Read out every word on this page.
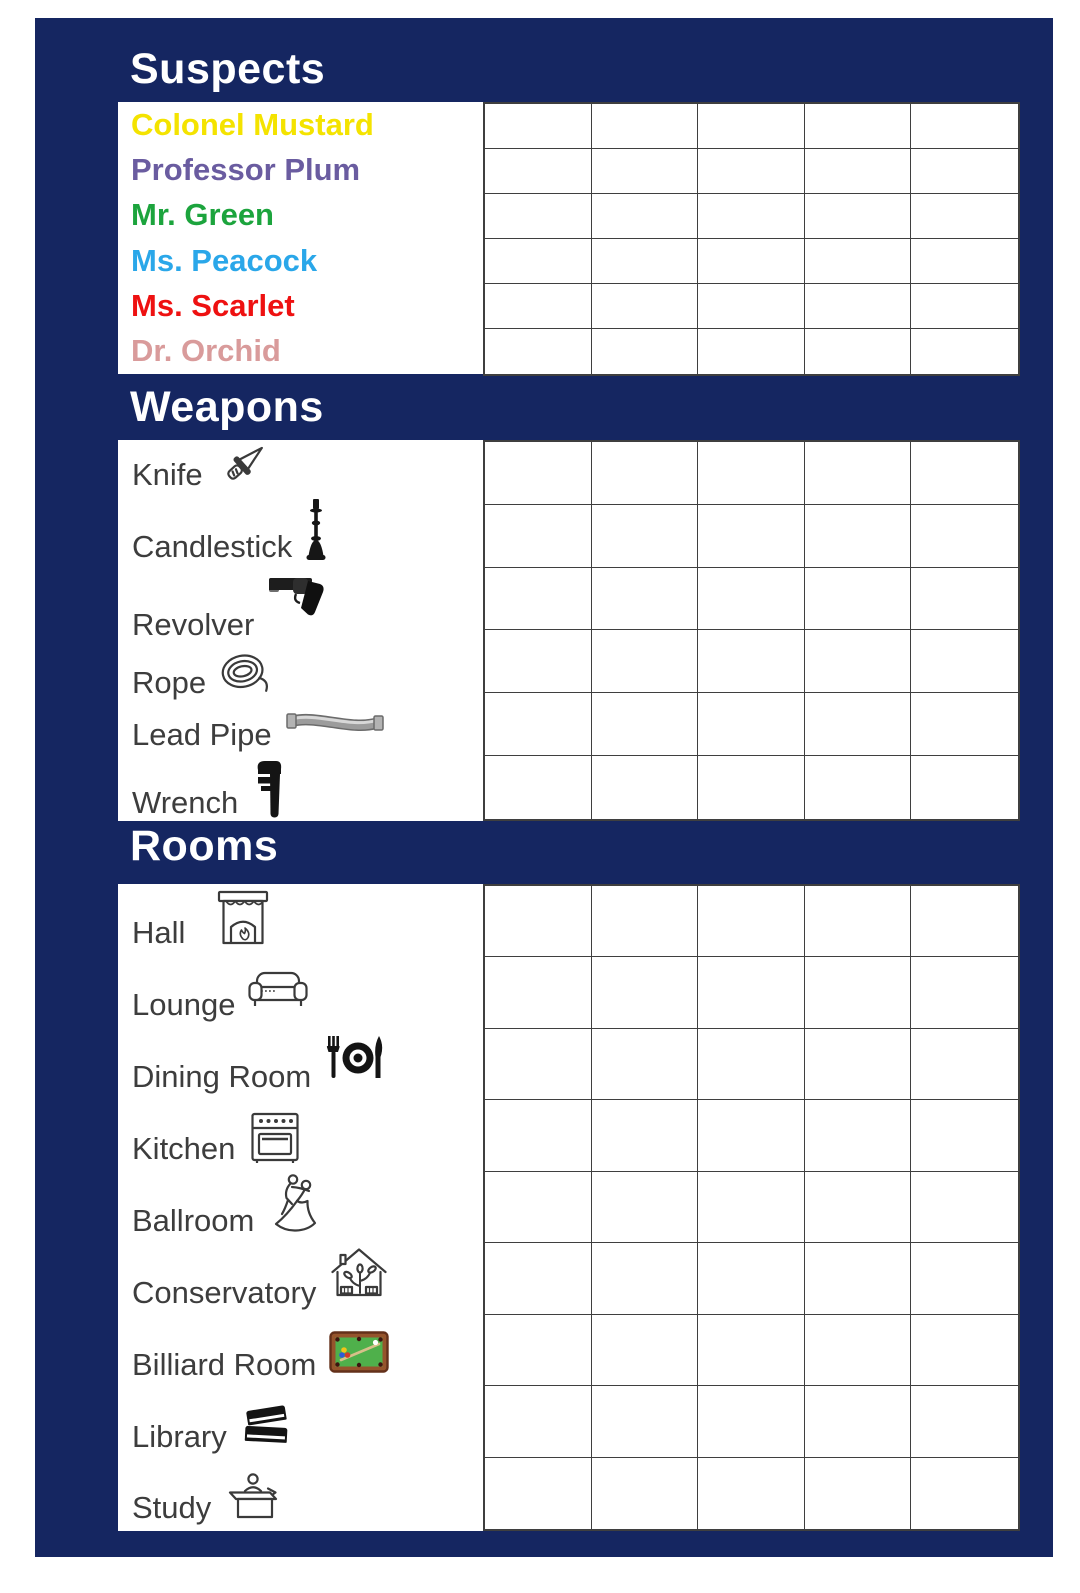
Suspects
Colonel Mustard
Professor Plum
Mr. Green
Ms. Peacock
Ms. Scarlet
Dr. Orchid
Weapons
Knife
Candlestick
Revolver
Rope
Lead Pipe
Wrench
Rooms
Hall
Lounge
Dining Room
Kitchen
Ballroom
Conservatory
Billiard Room
Library
Study
